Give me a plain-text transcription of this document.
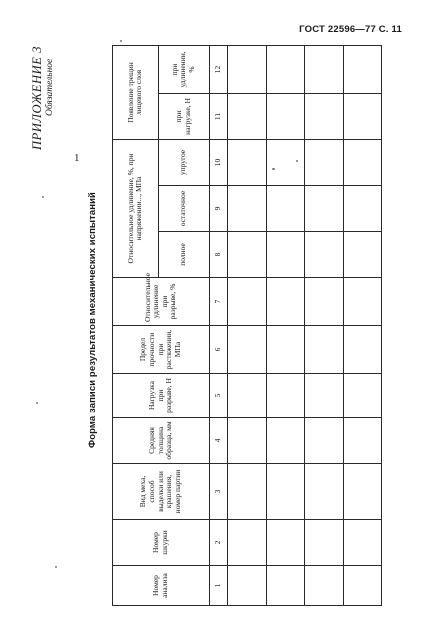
ГОСТ 22596—77 С. 11
ПРИЛОЖЕНИЕ 3 Обязательное
1
Форма записи результатов механических испытаний
Номер анализа	Номер шкурки	Вид меха, способ выделки или крашения, номер партии	Средняя толщина образца, мм	Нагрузка при разрыве, Н	Предел прочности при растяжении, МПа	Относительное удлинение при разрыве, %	Относительное удлинение, %, при напряжении..., МПа			Появление трещин лицевого слоя	
							полное	остаточное	упругое	при нагрузке, Н	при удлинении, %
1	2	3	4	5	6	7	8	9	10	11	12
